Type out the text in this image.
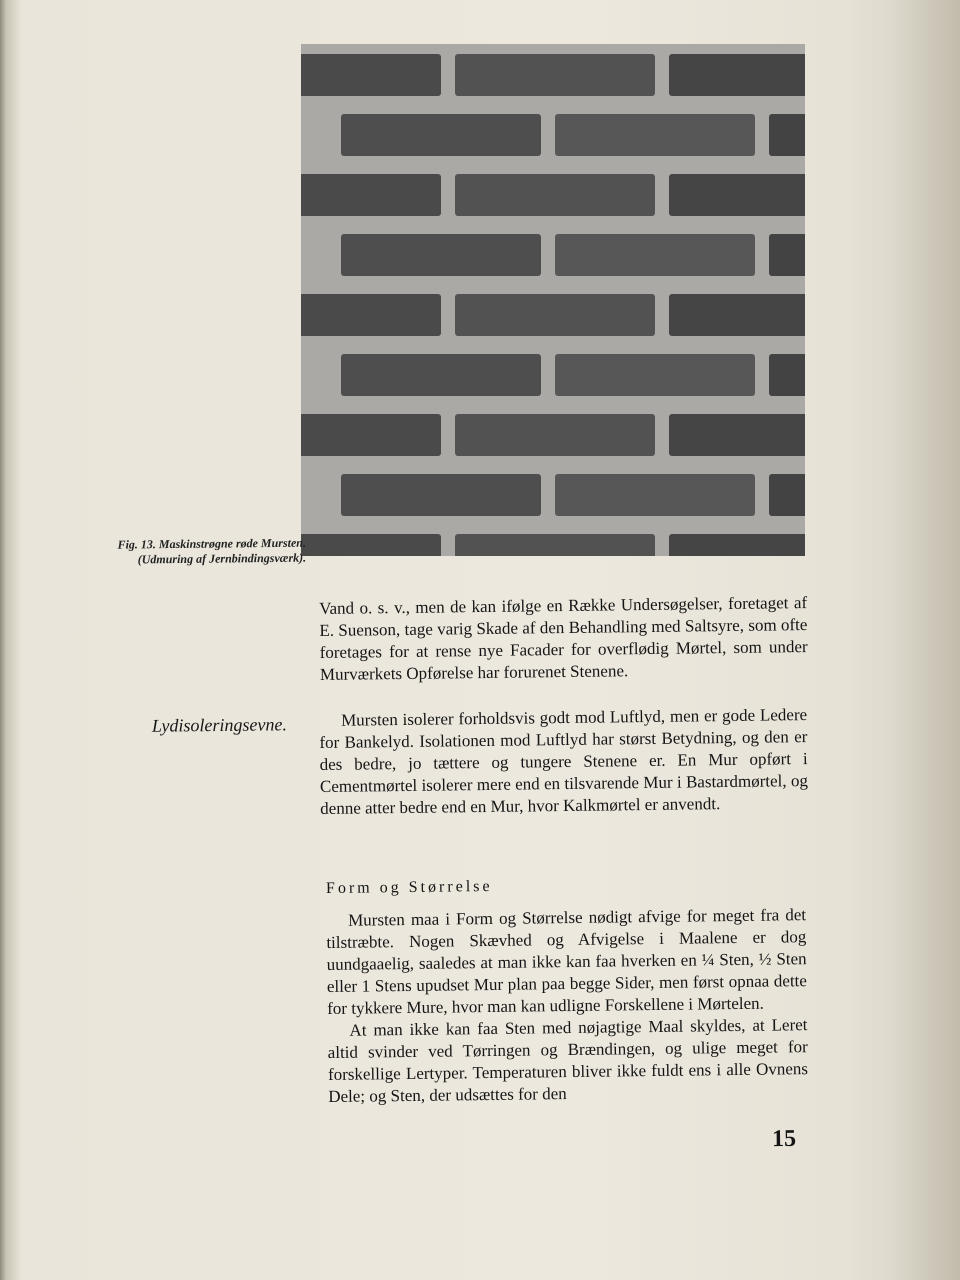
Fig. 13. Maskinstrøgne røde Mursten.
(Udmuring af Jernbindingsværk).

Vand o. s. v., men de kan ifølge en Række Undersøgelser, foretaget af E. Suenson, tage varig Skade af den Behandling med Saltsyre, som ofte foretages for at rense nye Facader for overflødig Mørtel, som under Murværkets Opførelse har forurenet Stenene.

Lydisoleringsevne.	Mursten isolerer forholdsvis godt mod Luftlyd, men er gode Ledere for Bankelyd. Isolationen mod Luftlyd har størst Betydning, og den er des bedre, jo tættere og tungere Stenene er. En Mur opført i Cementmørtel isolerer mere end en tilsvarende Mur i Bastardmørtel, og denne atter bedre end en Mur, hvor Kalkmørtel er anvendt.

Form og Størrelse

Mursten maa i Form og Størrelse nødigt afvige for meget fra det tilstræbte. Nogen Skævhed og Afvigelse i Maalene er dog uundgaaelig, saaledes at man ikke kan faa hverken en ¼ Sten, ½ Sten eller 1 Stens upudset Mur plan paa begge Sider, men først opnaa dette for tykkere Mure, hvor man kan udligne Forskellene i Mørtelen.

At man ikke kan faa Sten med nøjagtige Maal skyldes, at Leret altid svinder ved Tørringen og Brændingen, og ulige meget for forskellige Lertyper. Temperaturen bliver ikke fuldt ens i alle Ovnens Dele; og Sten, der udsættes for den

15
